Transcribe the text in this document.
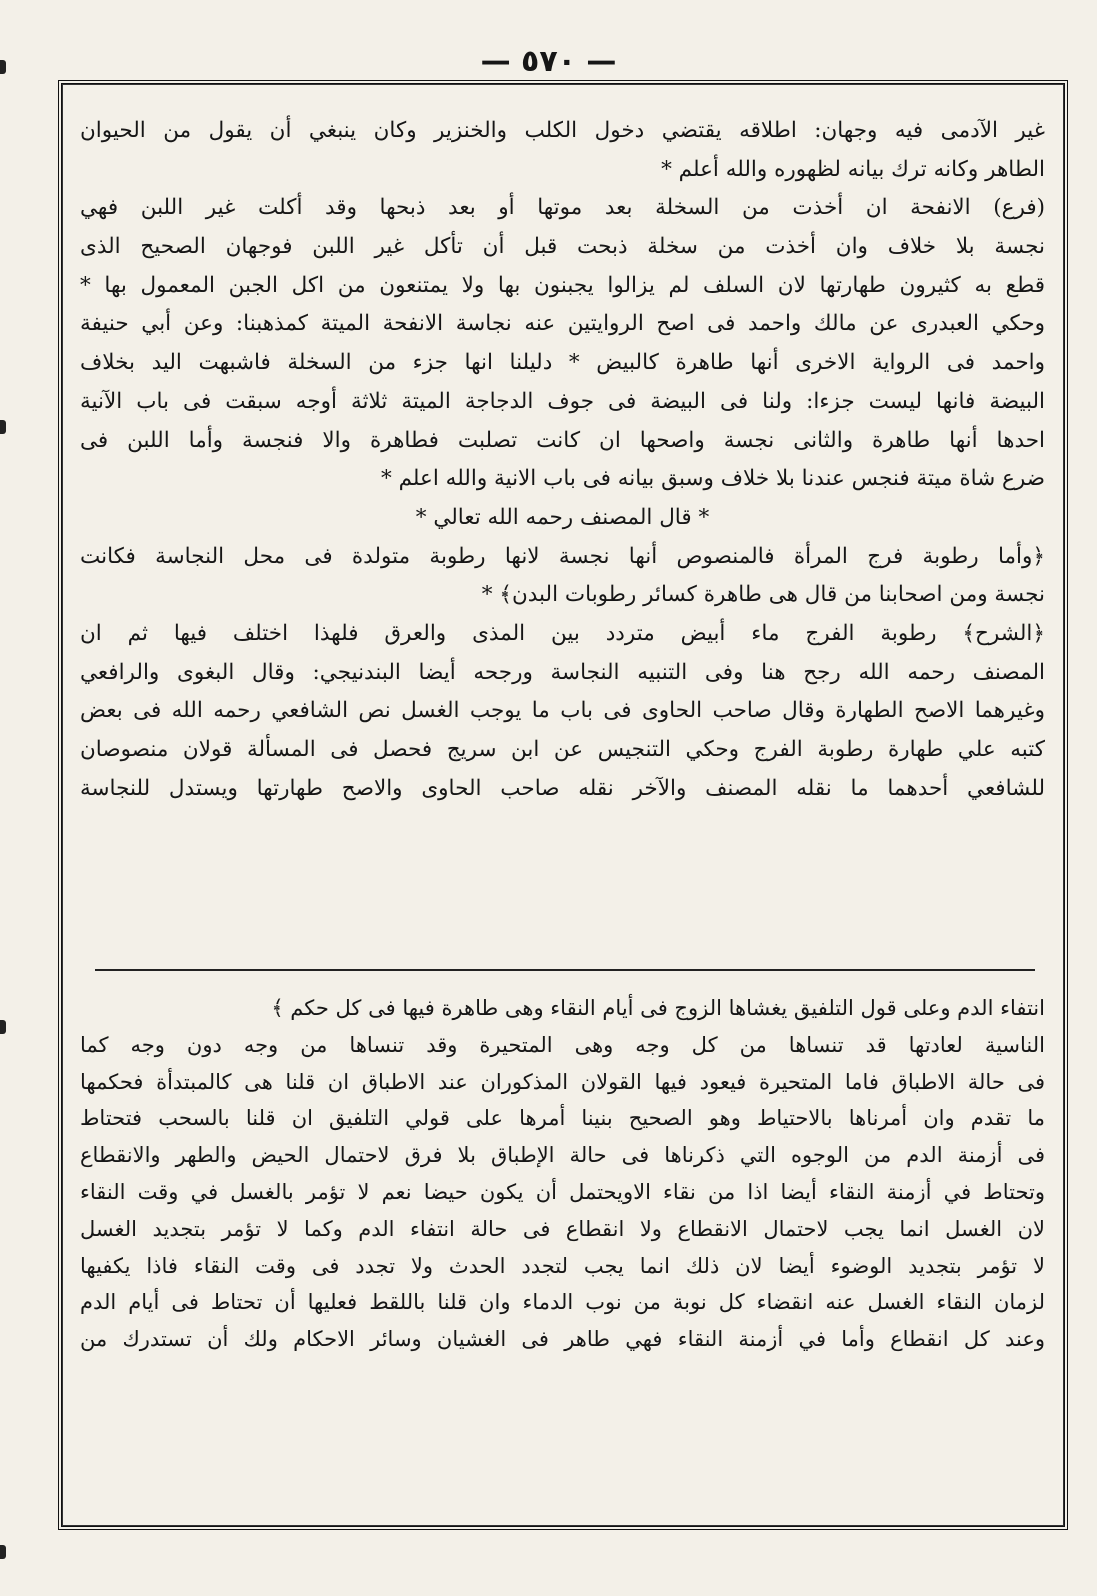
— ٥٧٠ —
غير الآدمى فيه وجهان: اطلاقه يقتضي دخول الكلب والخنزير وكان ينبغي أن يقول من الحيوان
الطاهر وكانه ترك بيانه لظهوره والله أعلم *
(فرع) الانفحة ان أخذت من السخلة بعد موتها أو بعد ذبحها وقد أكلت غير اللبن فهي
نجسة بلا خلاف وان أخذت من سخلة ذبحت قبل أن تأكل غير اللبن فوجهان الصحيح الذى
قطع به كثيرون طهارتها لان السلف لم يزالوا يجبنون بها ولا يمتنعون من اكل الجبن المعمول بها *
وحكي العبدرى عن مالك واحمد فى اصح الروايتين عنه نجاسة الانفحة الميتة كمذهبنا: وعن أبي حنيفة
واحمد فى الرواية الاخرى أنها طاهرة كالبيض * دليلنا انها جزء من السخلة فاشبهت اليد بخلاف
البيضة فانها ليست جزءا: ولنا فى البيضة فى جوف الدجاجة الميتة ثلاثة أوجه سبقت فى باب الآنية
احدها أنها طاهرة والثانى نجسة واصحها ان كانت تصلبت فطاهرة والا فنجسة وأما اللبن فى
ضرع شاة ميتة فنجس عندنا بلا خلاف وسبق بيانه فى باب الانية والله اعلم *
* قال المصنف رحمه الله تعالي *
﴿وأما رطوبة فرج المرأة فالمنصوص أنها نجسة لانها رطوبة متولدة فى محل النجاسة فكانت
نجسة ومن اصحابنا من قال هى طاهرة كسائر رطوبات البدن﴾ *
﴿الشرح﴾ رطوبة الفرج ماء أبيض متردد بين المذى والعرق فلهذا اختلف فيها ثم ان
المصنف رحمه الله رجح هنا وفى التنبيه النجاسة ورجحه أيضا البندنيجي: وقال البغوى والرافعي
وغيرهما الاصح الطهارة وقال صاحب الحاوى فى باب ما يوجب الغسل نص الشافعي رحمه الله فى بعض
كتبه علي طهارة رطوبة الفرج وحكي التنجيس عن ابن سريج فحصل فى المسألة قولان منصوصان
للشافعي أحدهما ما نقله المصنف والآخر نقله صاحب الحاوى والاصح طهارتها ويستدل للنجاسة
انتفاء الدم وعلى قول التلفيق يغشاها الزوج فى أيام النقاء وهى طاهرة فيها فى كل حكم ﴾
الناسية لعادتها قد تنساها من كل وجه وهى المتحيرة وقد تنساها من وجه دون وجه كما
فى حالة الاطباق فاما المتحيرة فيعود فيها القولان المذكوران عند الاطباق ان قلنا هى كالمبتدأة فحكمها
ما تقدم وان أمرناها بالاحتياط وهو الصحيح بنينا أمرها على قولي التلفيق ان قلنا بالسحب فتحتاط
فى أزمنة الدم من الوجوه التي ذكرناها فى حالة الإطباق بلا فرق لاحتمال الحيض والطهر والانقطاع
وتحتاط في أزمنة النقاء أيضا اذا من نقاء الاويحتمل أن يكون حيضا نعم لا تؤمر بالغسل في وقت النقاء
لان الغسل انما يجب لاحتمال الانقطاع ولا انقطاع فى حالة انتفاء الدم وكما لا تؤمر بتجديد الغسل
لا تؤمر بتجديد الوضوء أيضا لان ذلك انما يجب لتجدد الحدث ولا تجدد فى وقت النقاء فاذا يكفيها
لزمان النقاء الغسل عنه انقضاء كل نوبة من نوب الدماء وان قلنا باللقط فعليها أن تحتاط فى أيام الدم
وعند كل انقطاع وأما في أزمنة النقاء فهي طاهر فى الغشيان وسائر الاحكام ولك أن تستدرك من
